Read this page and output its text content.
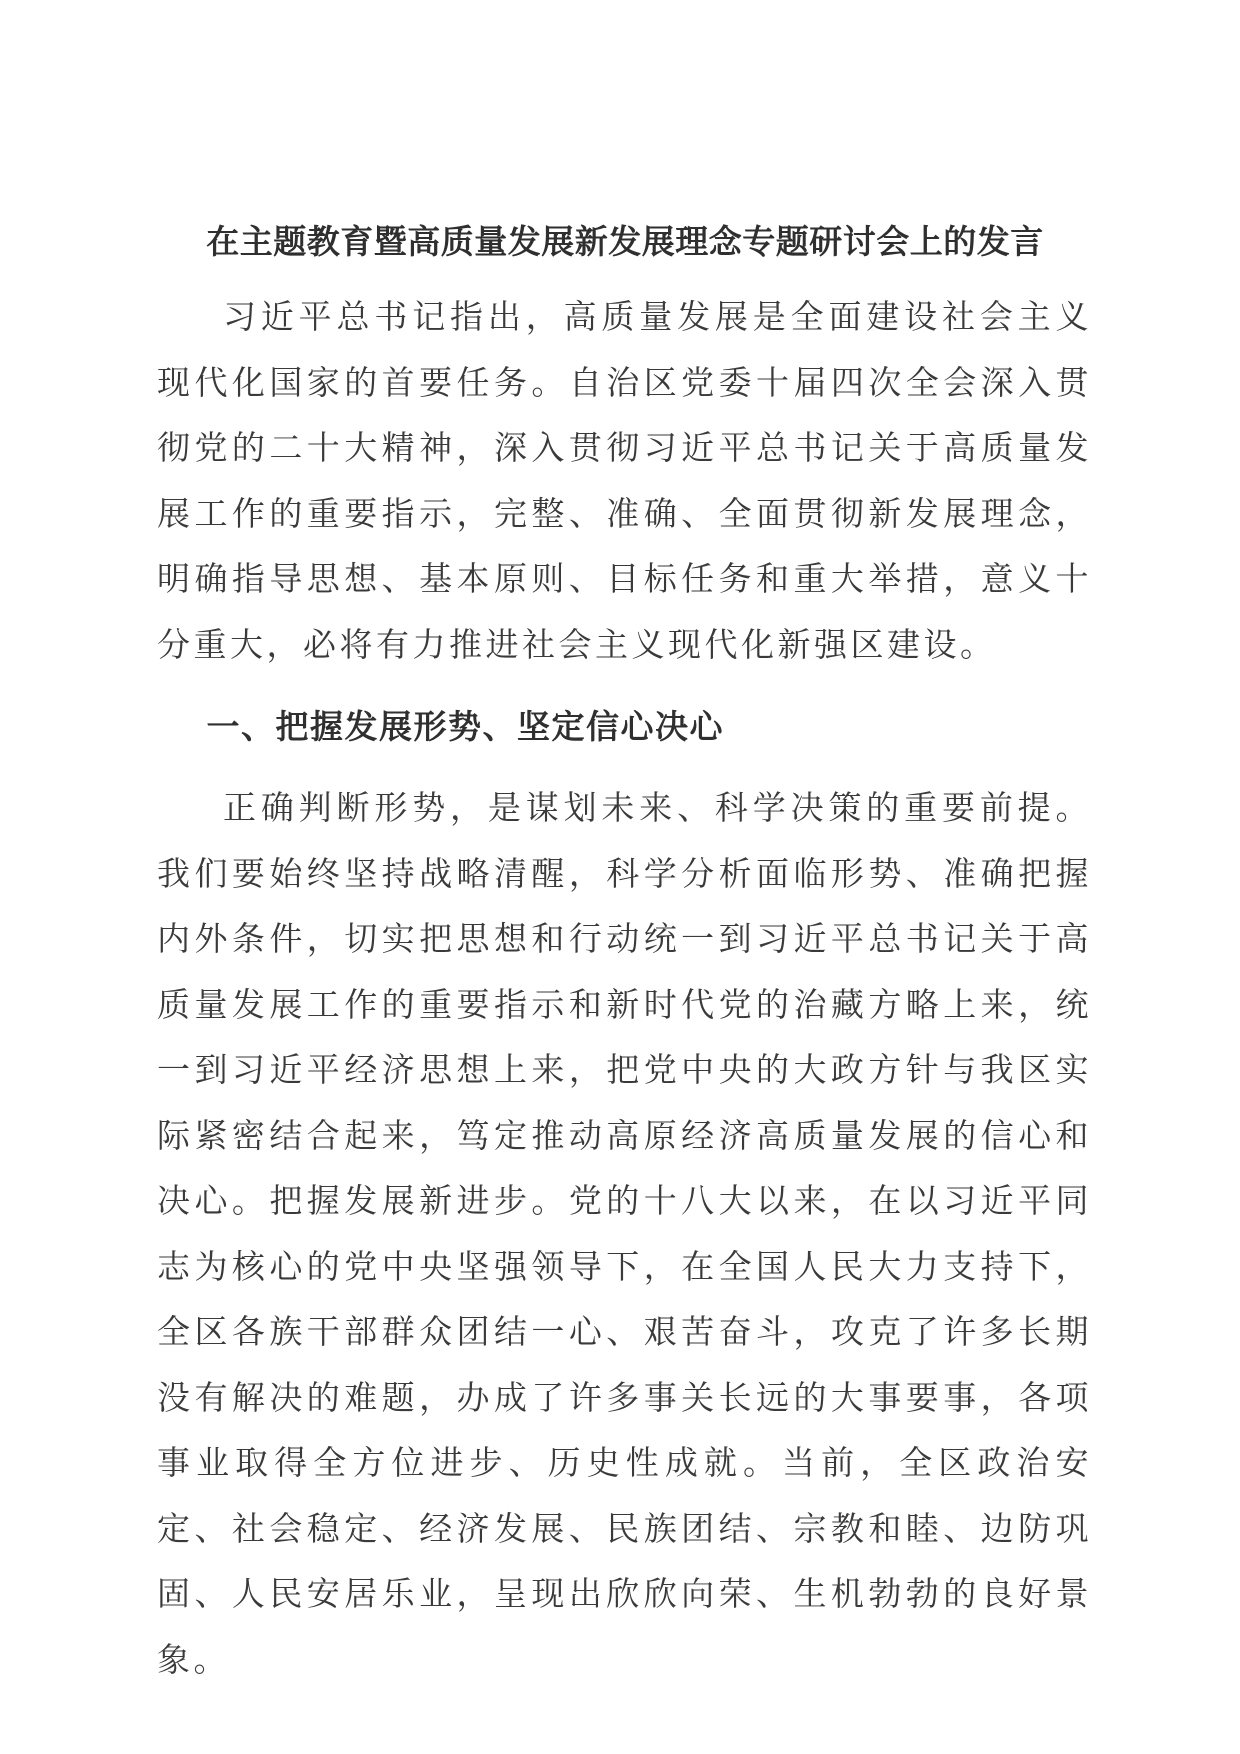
在主题教育暨高质量发展新发展理念专题研讨会上的发言

习近平总书记指出，高质量发展是全面建设社会主义现代化国家的首要任务。自治区党委十届四次全会深入贯彻党的二十大精神，深入贯彻习近平总书记关于高质量发展工作的重要指示，完整、准确、全面贯彻新发展理念，明确指导思想、基本原则、目标任务和重大举措，意义十分重大，必将有力推进社会主义现代化新强区建设。

一、把握发展形势、坚定信心决心

正确判断形势，是谋划未来、科学决策的重要前提。我们要始终坚持战略清醒，科学分析面临形势、准确把握内外条件，切实把思想和行动统一到习近平总书记关于高质量发展工作的重要指示和新时代党的治藏方略上来，统一到习近平经济思想上来，把党中央的大政方针与我区实际紧密结合起来，笃定推动高原经济高质量发展的信心和决心。把握发展新进步。党的十八大以来，在以习近平同志为核心的党中央坚强领导下，在全国人民大力支持下，全区各族干部群众团结一心、艰苦奋斗，攻克了许多长期没有解决的难题，办成了许多事关长远的大事要事，各项事业取得全方位进步、历史性成就。当前，全区政治安定、社会稳定、经济发展、民族团结、宗教和睦、边防巩固、人民安居乐业，呈现出欣欣向荣、生机勃勃的良好景象。
